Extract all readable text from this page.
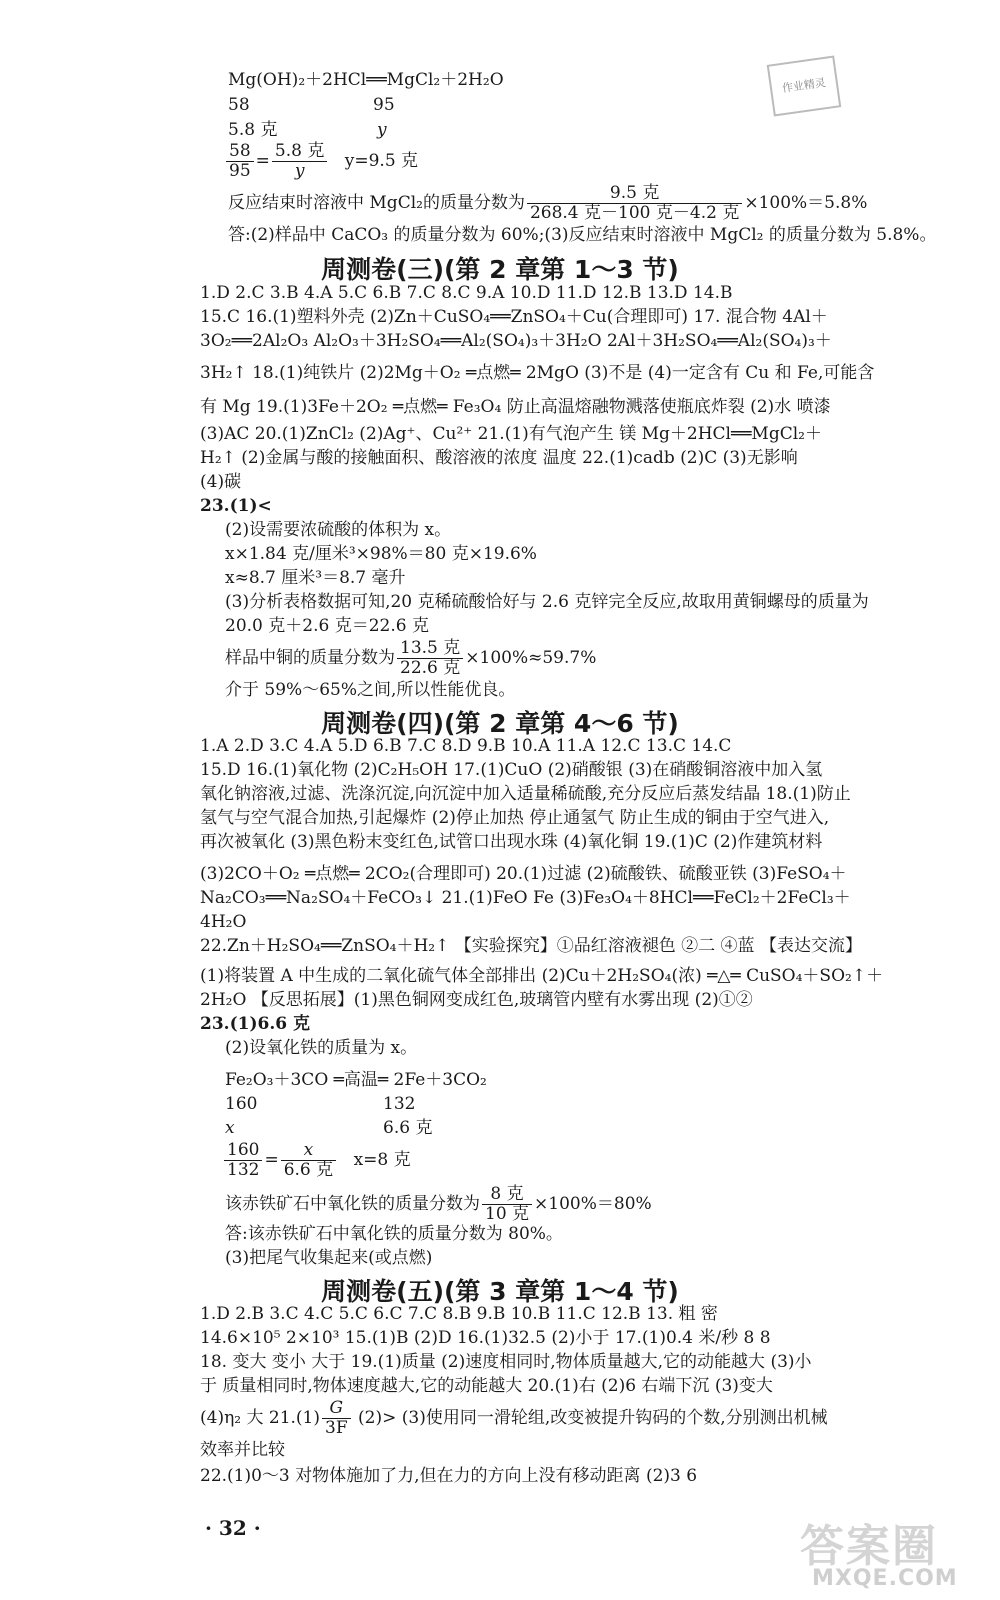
Mg(OH)₂＋2HCl══MgCl₂＋2H₂O
58	95
5.8 克	y
$\frac{58}{95} = \frac{\text{5.8 克}}{y} y=9.5$ 克
反应结束时溶液中 MgCl₂的质量分数为 $\frac{\text{9.5 克}}{\text{268.4 克－100 克－4.2 克}} \times 100\%=5.8\%$
答:(2)样品中 CaCO₃ 的质量分数为 60%;(3)反应结束时溶液中 MgCl₂ 的质量分数为 5.8%。
周测卷(三)(第 2 章第 1～3 节)
1.D 2.C 3.B 4.A 5.C 6.B 7.C 8.C 9.A 10.D 11.D 12.B 13.D 14.B
15.C 16.(1)塑料外壳 (2)Zn＋CuSO₄══ZnSO₄＋Cu(合理即可) 17. 混合物 4Al＋
3O₂══2Al₂O₃ Al₂O₃＋3H₂SO₄══Al₂(SO₄)₃＋3H₂O 2Al＋3H₂SO₄══Al₂(SO₄)₃＋
3H₂↑ 18.(1)纯铁片 (2)2Mg＋O₂ ═点燃═ 2MgO (3)不是 (4)一定含有 Cu 和 Fe,可能含
有 Mg 19.(1)3Fe＋2O₂ ═点燃═ Fe₃O₄ 防止高温熔融物溅落使瓶底炸裂 (2)水 喷漆
(3)AC 20.(1)ZnCl₂ (2)Ag⁺、Cu²⁺ 21.(1)有气泡产生 镁 Mg＋2HCl══MgCl₂＋
H₂↑ (2)金属与酸的接触面积、酸溶液的浓度 温度 22.(1)cadb (2)C (3)无影响
(4)碳
23.(1)<
(2)设需要浓硫酸的体积为 x。
x×1.84 克/厘米³×98%＝80 克×19.6%
x≈8.7 厘米³＝8.7 毫升
(3)分析表格数据可知,20 克稀硫酸恰好与 2.6 克锌完全反应,故取用黄铜螺母的质量为
20.0 克＋2.6 克＝22.6 克
样品中铜的质量分数为 $\frac{\text{13.5 克}}{\text{22.6 克}} \times 100\%\approx 59.7\%$
介于 59%～65%之间,所以性能优良。
周测卷(四)(第 2 章第 4～6 节)
1.A 2.D 3.C 4.A 5.D 6.B 7.C 8.D 9.B 10.A 11.A 12.C 13.C 14.C
15.D 16.(1)氧化物 (2)C₂H₅OH 17.(1)CuO (2)硝酸银 (3)在硝酸铜溶液中加入氢
氧化钠溶液,过滤、洗涤沉淀,向沉淀中加入适量稀硫酸,充分反应后蒸发结晶 18.(1)防止
氢气与空气混合加热,引起爆炸 (2)停止加热 停止通氢气 防止生成的铜由于空气进入,
再次被氧化 (3)黑色粉末变红色,试管口出现水珠 (4)氧化铜 19.(1)C (2)作建筑材料
(3)2CO＋O₂ ═点燃═ 2CO₂(合理即可) 20.(1)过滤 (2)硫酸铁、硫酸亚铁 (3)FeSO₄＋
Na₂CO₃══Na₂SO₄＋FeCO₃↓ 21.(1)FeO Fe (3)Fe₃O₄＋8HCl══FeCl₂＋2FeCl₃＋
4H₂O
22.Zn＋H₂SO₄══ZnSO₄＋H₂↑ 【实验探究】①品红溶液褪色 ②二 ④蓝 【表达交流】
(1)将装置 A 中生成的二氧化硫气体全部排出 (2)Cu＋2H₂SO₄(浓) ═△═ CuSO₄＋SO₂↑＋
2H₂O 【反思拓展】(1)黑色铜网变成红色,玻璃管内壁有水雾出现 (2)①②
23.(1)6.6 克
(2)设氧化铁的质量为 x。
Fe₂O₃＋3CO ═高温═ 2Fe＋3CO₂
160	132
x	6.6 克
$\frac{160}{132} = \frac{x}{\text{6.6 克}} x=8$ 克
该赤铁矿石中氧化铁的质量分数为 $\frac{\text{8 克}}{\text{10 克}} \times 100\%=80\%$
答:该赤铁矿石中氧化铁的质量分数为 80%。
(3)把尾气收集起来(或点燃)
周测卷(五)(第 3 章第 1～4 节)
1.D 2.B 3.C 4.C 5.C 6.C 7.C 8.B 9.B 10.B 11.C 12.B 13. 粗 密
14.6×10⁵ 2×10³ 15.(1)B (2)D 16.(1)32.5 (2)小于 17.(1)0.4 米/秒 8 8
18. 变大 变小 大于 19.(1)质量 (2)速度相同时,物体质量越大,它的动能越大 (3)小
于 质量相同时,物体速度越大,它的动能越大 20.(1)右 (2)6 右端下沉 (3)变大
(4)η₂ 大 $21.(1) \frac{G}{3F} (2)> (3)$使用同一滑轮组,改变被提升钩码的个数,分别测出机械
效率并比较
22.(1)0～3 对物体施加了力,但在力的方向上没有移动距离 (2)3 6
· 32 ·
作业精灵
答案圈
MXQE.COM
